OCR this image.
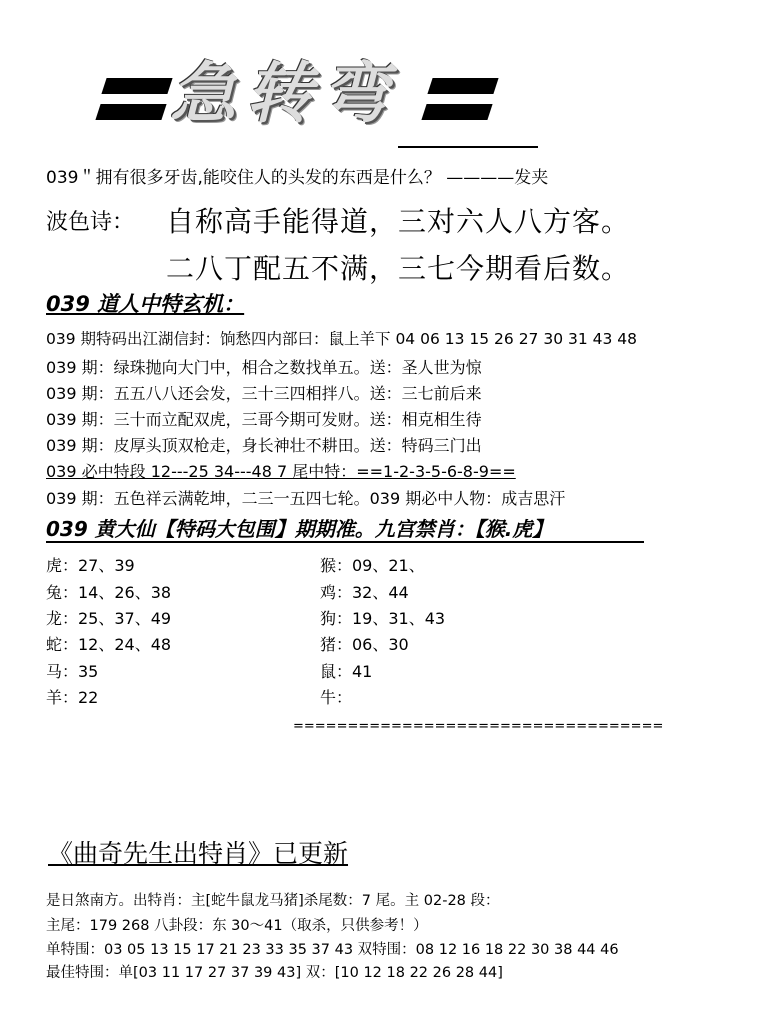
急转弯
039＂拥有很多牙齿,能咬住人的头发的东西是什么？ ————发夹
波色诗： 自称高手能得道，三对六人八方客。
二八丁配五不满，三七今期看后数。
039 道人中特玄机：
039 期特码出江湖信封：饷愁四内部曰：鼠上羊下 04 06 13 15 26 27 30 31 43 48
039 期：绿珠抛向大门中，相合之数找单五。送：圣人世为惊
039 期：五五八八还会发，三十三四相拌八。送：三七前后来
039 期：三十而立配双虎，三哥今期可发财。送：相克相生待
039 期：皮厚头顶双枪走，身长神壮不耕田。送：特码三门出
039 必中特段 12---25 34---48 7 尾中特：==1-2-3-5-6-8-9==
039 期：五色祥云满乾坤，二三一五四七轮。039 期必中人物：成吉思汗
039 黄大仙【特码大包围】期期准。九宫禁肖：【猴.虎】
虎：27、39
兔：14、26、38
龙：25、37、49
蛇：12、24、48
马：35
羊：22
猴：09、21、
鸡：32、44
狗：19、31、43
猪：06、30
鼠：41
牛：
==================================
《曲奇先生出特肖》已更新
是日煞南方。出特肖：主[蛇牛鼠龙马猪]杀尾数：7 尾。主 02-28 段：
主尾：179 268 八卦段：东 30～41（取杀，只供参考！）
单特围：03 05 13 15 17 21 23 33 35 37 43 双特围：08 12 16 18 22 30 38 44 46
最佳特围：单[03 11 17 27 37 39 43] 双：[10 12 18 22 26 28 44]
